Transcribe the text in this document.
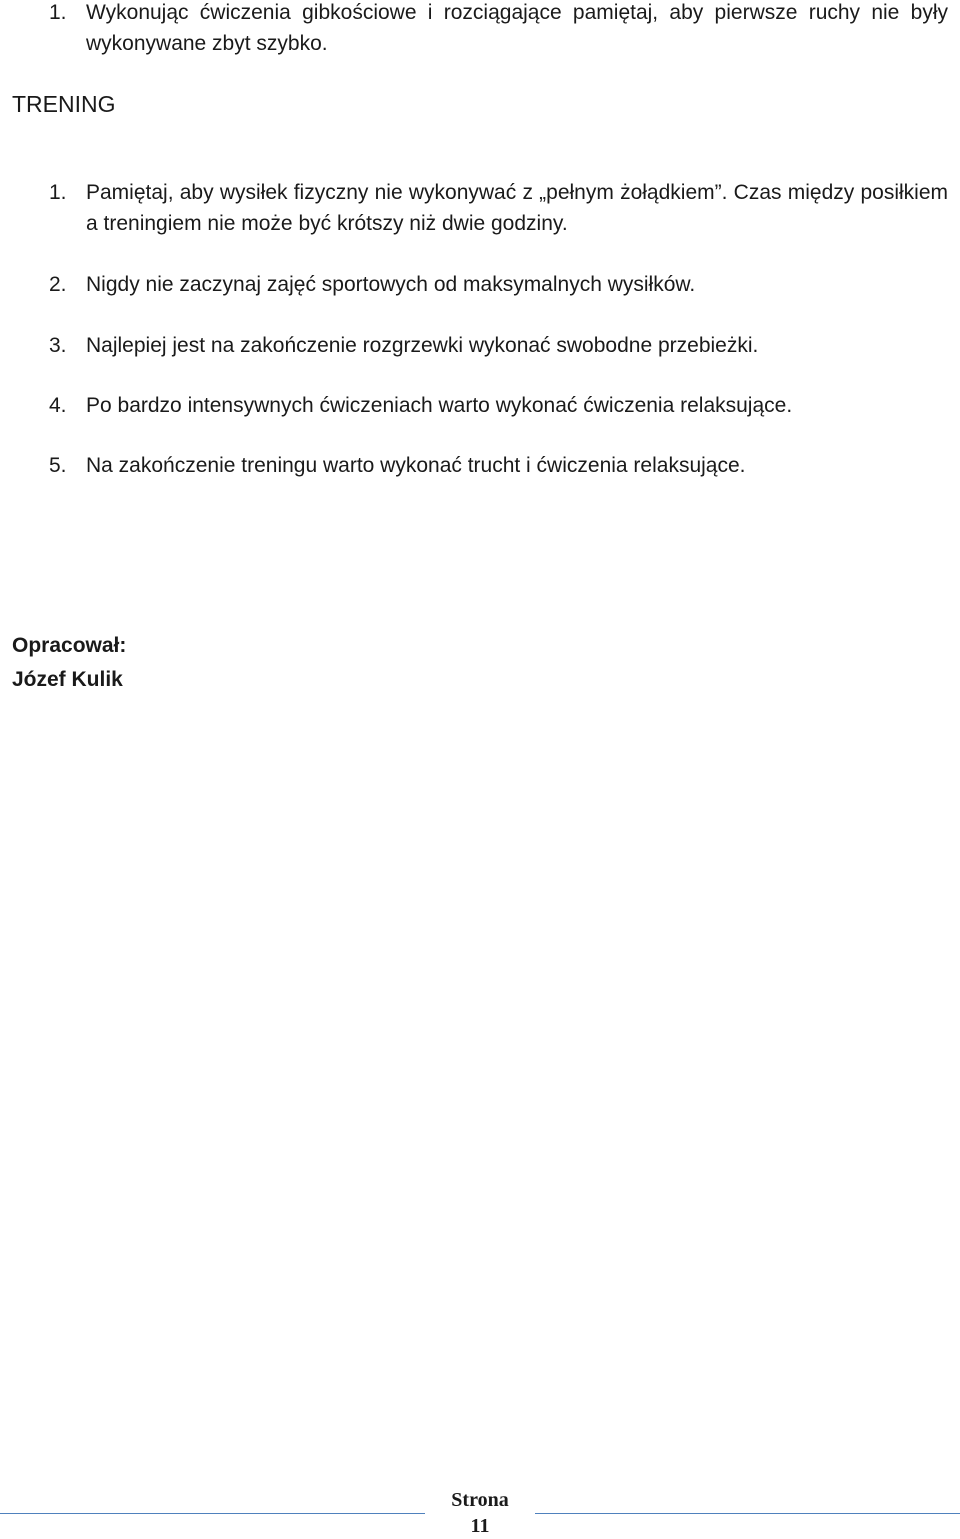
1. Wykonując ćwiczenia gibkościowe i rozciągające pamiętaj, aby pierwsze ruchy nie były wykonywane zbyt szybko.
TRENING
1. Pamiętaj, aby wysiłek fizyczny nie wykonywać z „pełnym żołądkiem”. Czas między posiłkiem a treningiem nie może być krótszy niż dwie godziny.
2. Nigdy nie zaczynaj zajęć sportowych od maksymalnych wysiłków.
3. Najlepiej jest na zakończenie rozgrzewki wykonać swobodne przebieżki.
4. Po bardzo intensywnych ćwiczeniach warto wykonać ćwiczenia relaksujące.
5. Na zakończenie treningu warto wykonać trucht i ćwiczenia relaksujące.
Opracował:
Józef Kulik
Strona
11
